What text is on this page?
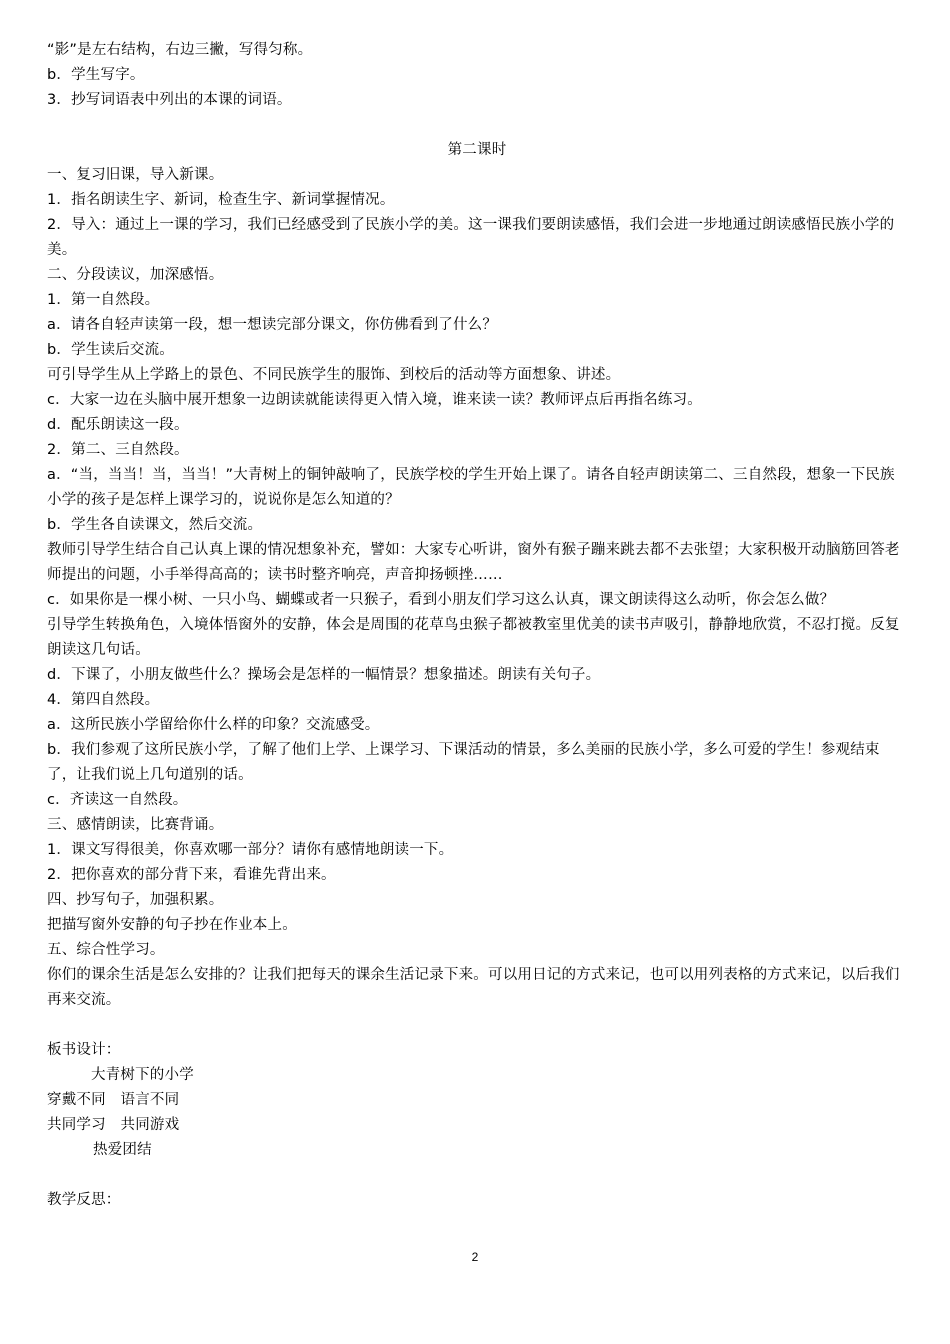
“影”是左右结构，右边三撇，写得匀称。
b．学生写字。
3．抄写词语表中列出的本课的词语。
第二课时
一、复习旧课，导入新课。
1．指名朗读生字、新词，检查生字、新词掌握情况。
2．导入：通过上一课的学习，我们已经感受到了民族小学的美。这一课我们要朗读感悟，我们会进一步地通过朗读感悟民族小学的美。
二、分段读议，加深感悟。
1．第一自然段。
a．请各自轻声读第一段，想一想读完部分课文，你仿佛看到了什么？
b．学生读后交流。
可引导学生从上学路上的景色、不同民族学生的服饰、到校后的活动等方面想象、讲述。
c．大家一边在头脑中展开想象一边朗读就能读得更入情入境，谁来读一读？教师评点后再指名练习。
d．配乐朗读这一段。
2．第二、三自然段。
a．“当，当当！当，当当！”大青树上的铜钟敲响了，民族学校的学生开始上课了。请各自轻声朗读第二、三自然段，想象一下民族小学的孩子是怎样上课学习的，说说你是怎么知道的？
b．学生各自读课文，然后交流。
教师引导学生结合自己认真上课的情况想象补充，譬如：大家专心听讲，窗外有猴子蹦来跳去都不去张望；大家积极开动脑筋回答老师提出的问题，小手举得高高的；读书时整齐响亮，声音抑扬顿挫……
c．如果你是一棵小树、一只小鸟、蝴蝶或者一只猴子，看到小朋友们学习这么认真，课文朗读得这么动听，你会怎么做？
引导学生转换角色，入境体悟窗外的安静，体会是周围的花草鸟虫猴子都被教室里优美的读书声吸引，静静地欣赏，不忍打搅。反复朗读这几句话。
d．下课了，小朋友做些什么？操场会是怎样的一幅情景？想象描述。朗读有关句子。
4．第四自然段。
a．这所民族小学留给你什么样的印象？交流感受。
b．我们参观了这所民族小学，了解了他们上学、上课学习、下课活动的情景，多么美丽的民族小学，多么可爱的学生！参观结束了，让我们说上几句道别的话。
c．齐读这一自然段。
三、感情朗读，比赛背诵。
1．课文写得很美，你喜欢哪一部分？请你有感情地朗读一下。
2．把你喜欢的部分背下来，看谁先背出来。
四、抄写句子，加强积累。
把描写窗外安静的句子抄在作业本上。
五、综合性学习。
你们的课余生活是怎么安排的？让我们把每天的课余生活记录下来。可以用日记的方式来记，也可以用列表格的方式来记，以后我们再来交流。
板书设计：
大青树下的小学
穿戴不同　语言不同
共同学习　共同游戏
热爱团结
教学反思：
2
